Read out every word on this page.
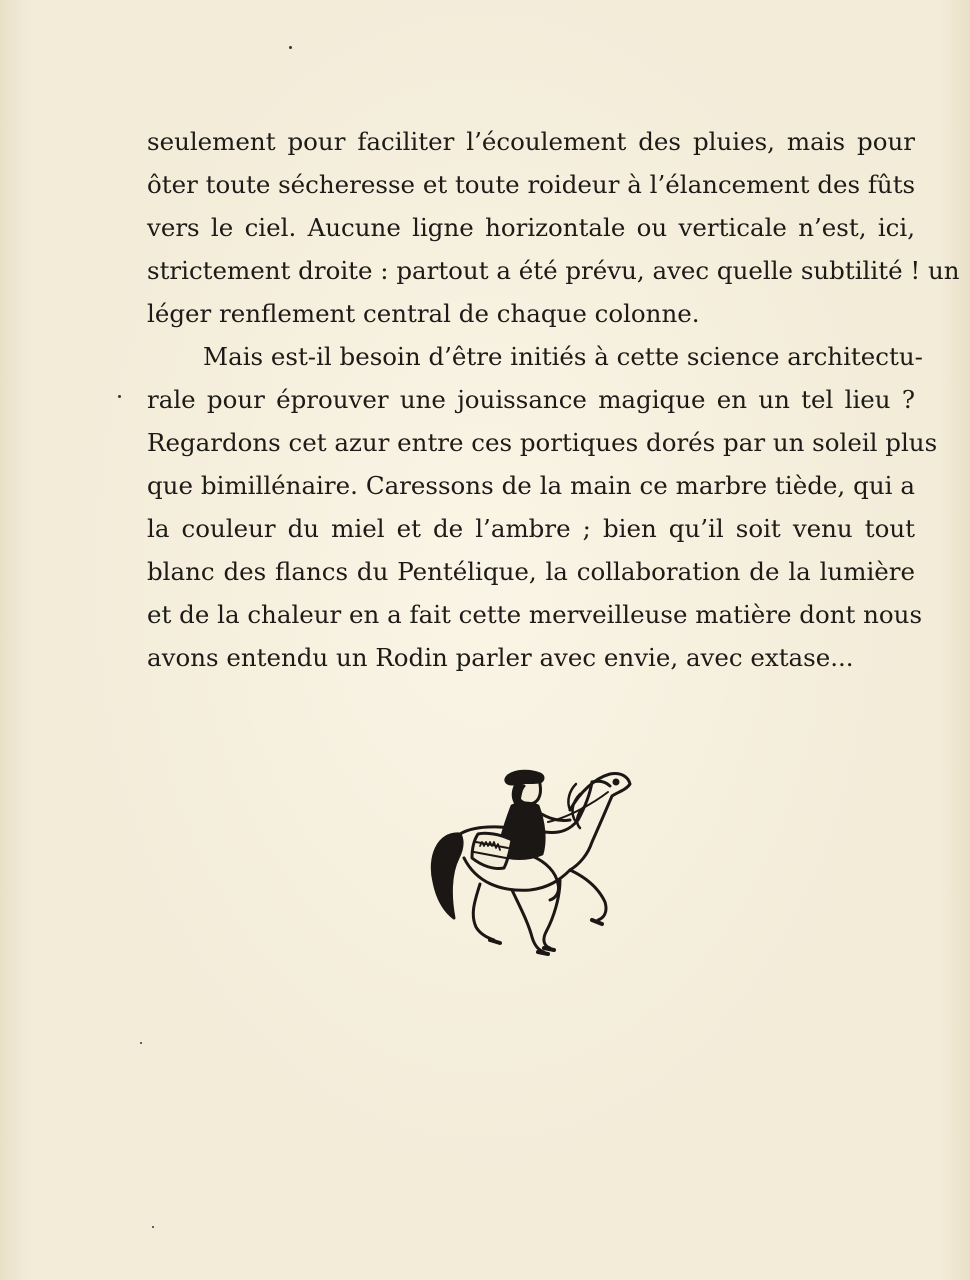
seulement pour faciliter l’écoulement des pluies, mais pour
ôter toute sécheresse et toute roideur à l’élancement des fûts
vers le ciel. Aucune ligne horizontale ou verticale n’est, ici,
strictement droite : partout a été prévu, avec quelle subtilité ! un
léger renflement central de chaque colonne.
Mais est-il besoin d’être initiés à cette science architectu-
rale pour éprouver une jouissance magique en un tel lieu ?
Regardons cet azur entre ces portiques dorés par un soleil plus
que bimillénaire. Caressons de la main ce marbre tiède, qui a
la couleur du miel et de l’ambre ; bien qu’il soit venu tout
blanc des flancs du Pentélique, la collaboration de la lumière
et de la chaleur en a fait cette merveilleuse matière dont nous
avons entendu un Rodin parler avec envie, avec extase...
